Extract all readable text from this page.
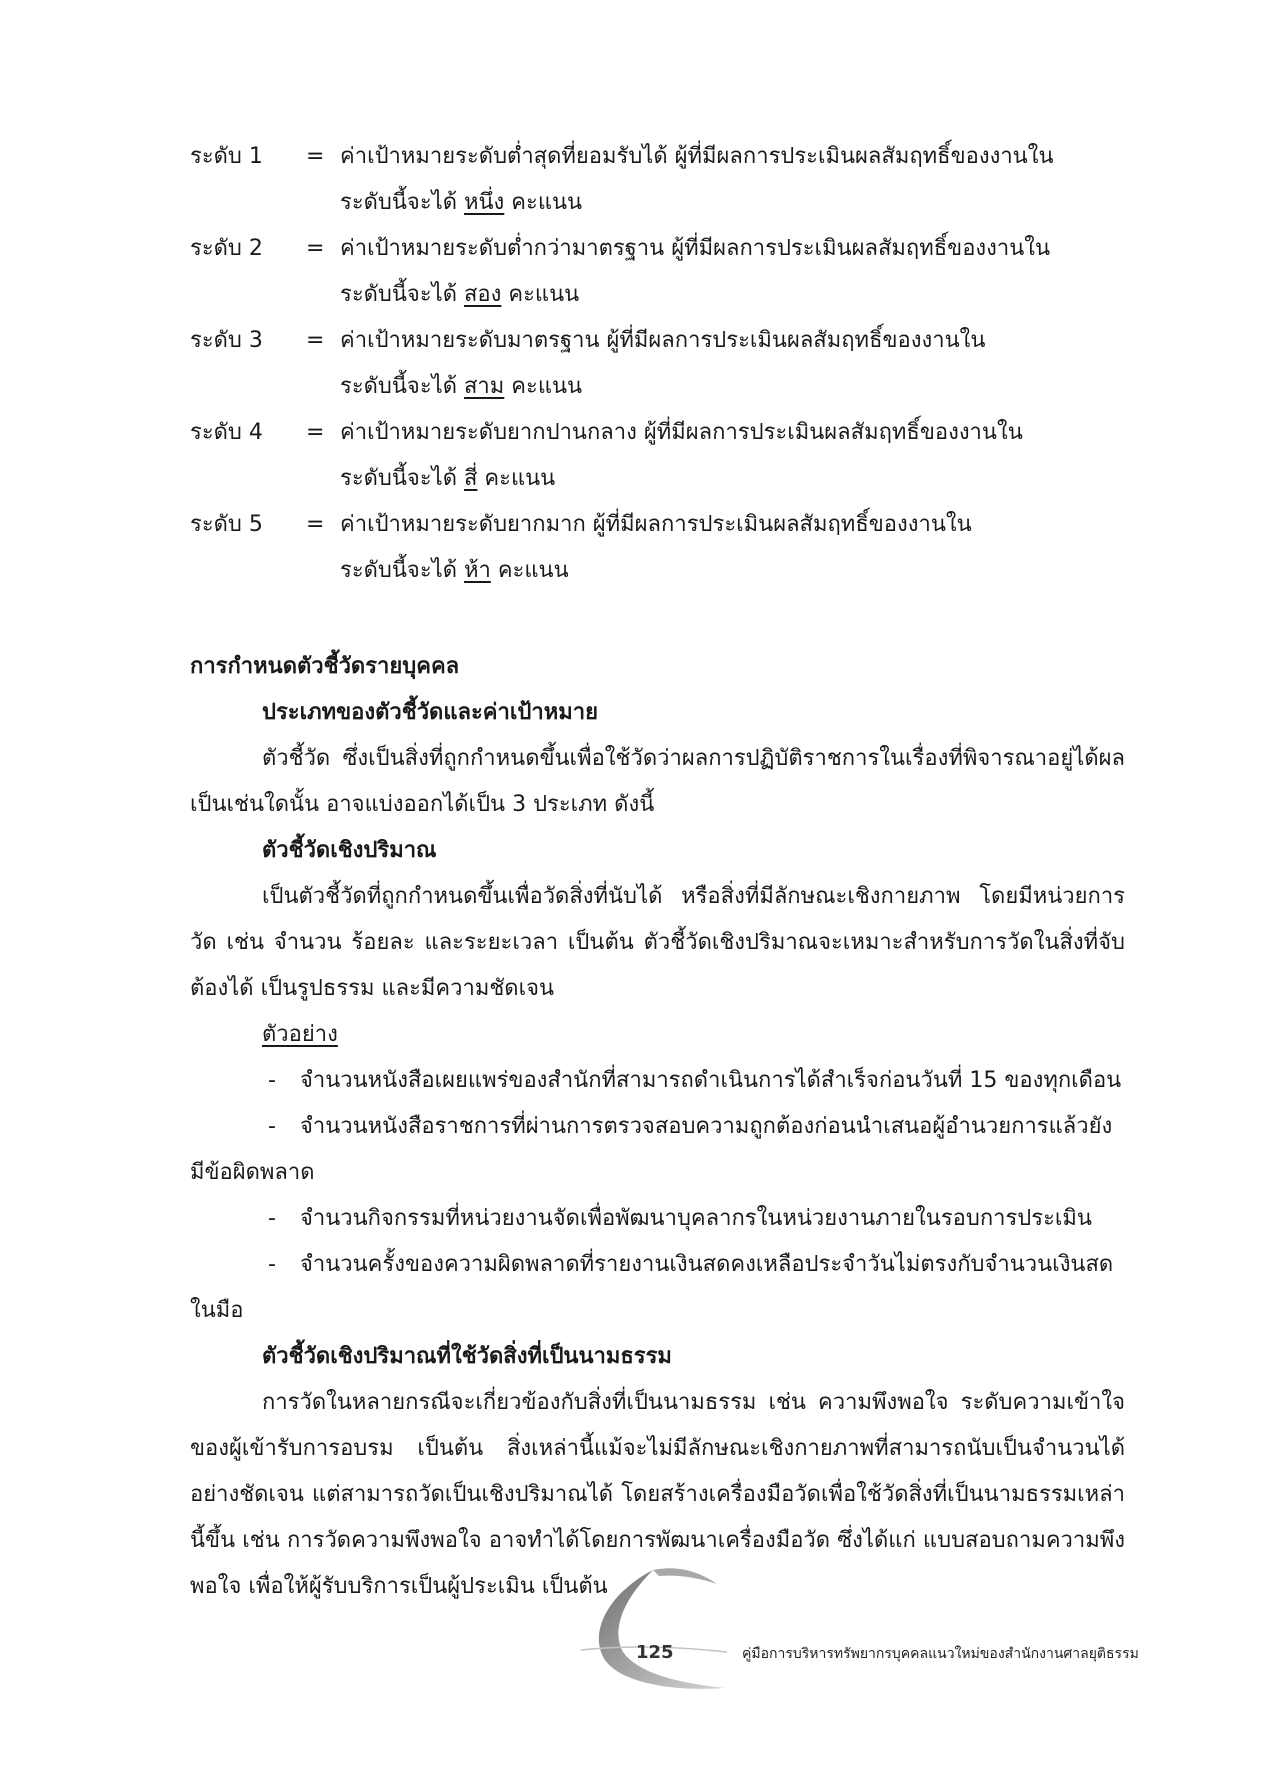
ระดับ 1	= ค่าเป้าหมายระดับต่ำสุดที่ยอมรับได้ ผู้ที่มีผลการประเมินผลสัมฤทธิ์ของงานใน
ระดับนี้จะได้ หนึ่ง คะแนน
ระดับ 2	= ค่าเป้าหมายระดับต่ำกว่ามาตรฐาน ผู้ที่มีผลการประเมินผลสัมฤทธิ์ของงานใน
ระดับนี้จะได้ สอง คะแนน
ระดับ 3	= ค่าเป้าหมายระดับมาตรฐาน ผู้ที่มีผลการประเมินผลสัมฤทธิ์ของงานใน
ระดับนี้จะได้ สาม คะแนน
ระดับ 4	= ค่าเป้าหมายระดับยากปานกลาง ผู้ที่มีผลการประเมินผลสัมฤทธิ์ของงานใน
ระดับนี้จะได้ สี่ คะแนน
ระดับ 5	= ค่าเป้าหมายระดับยากมาก ผู้ที่มีผลการประเมินผลสัมฤทธิ์ของงานใน
ระดับนี้จะได้ ห้า คะแนน
การกำหนดตัวชี้วัดรายบุคคล
ประเภทของตัวชี้วัดและค่าเป้าหมาย

ตัวชี้วัด ซึ่งเป็นสิ่งที่ถูกกำหนดขึ้นเพื่อใช้วัดว่าผลการปฏิบัติราชการในเรื่องที่พิจารณาอยู่ได้ผลเป็นเช่นใดนั้น อาจแบ่งออกได้เป็น 3 ประเภท ดังนี้

ตัวชี้วัดเชิงปริมาณ

เป็นตัวชี้วัดที่ถูกกำหนดขึ้นเพื่อวัดสิ่งที่นับได้ หรือสิ่งที่มีลักษณะเชิงกายภาพ โดยมีหน่วยการวัด เช่น จำนวน ร้อยละ และระยะเวลา เป็นต้น ตัวชี้วัดเชิงปริมาณจะเหมาะสำหรับการวัดในสิ่งที่จับต้องได้ เป็นรูปธรรม และมีความชัดเจน

ตัวอย่าง

- จำนวนหนังสือเผยแพร่ของสำนักที่สามารถดำเนินการได้สำเร็จก่อนวันที่ 15 ของทุกเดือน

- จำนวนหนังสือราชการที่ผ่านการตรวจสอบความถูกต้องก่อนนำเสนอผู้อำนวยการแล้วยังมีข้อผิดพลาด

- จำนวนกิจกรรมที่หน่วยงานจัดเพื่อพัฒนาบุคลากรในหน่วยงานภายในรอบการประเมิน

- จำนวนครั้งของความผิดพลาดที่รายงานเงินสดคงเหลือประจำวันไม่ตรงกับจำนวนเงินสดในมือ

ตัวชี้วัดเชิงปริมาณที่ใช้วัดสิ่งที่เป็นนามธรรม

การวัดในหลายกรณีจะเกี่ยวข้องกับสิ่งที่เป็นนามธรรม เช่น ความพึงพอใจ ระดับความเข้าใจของผู้เข้ารับการอบรม เป็นต้น สิ่งเหล่านี้แม้จะไม่มีลักษณะเชิงกายภาพที่สามารถนับเป็นจำนวนได้อย่างชัดเจน แต่สามารถวัดเป็นเชิงปริมาณได้ โดยสร้างเครื่องมือวัดเพื่อใช้วัดสิ่งที่เป็นนามธรรมเหล่านี้ขึ้น เช่น การวัดความพึงพอใจ อาจทำได้โดยการพัฒนาเครื่องมือวัด ซึ่งได้แก่ แบบสอบถามความพึงพอใจ เพื่อให้ผู้รับบริการเป็นผู้ประเมิน เป็นต้น

125	คู่มือการบริหารทรัพยากรบุคคลแนวใหม่ของสำนักงานศาลยุติธรรม
